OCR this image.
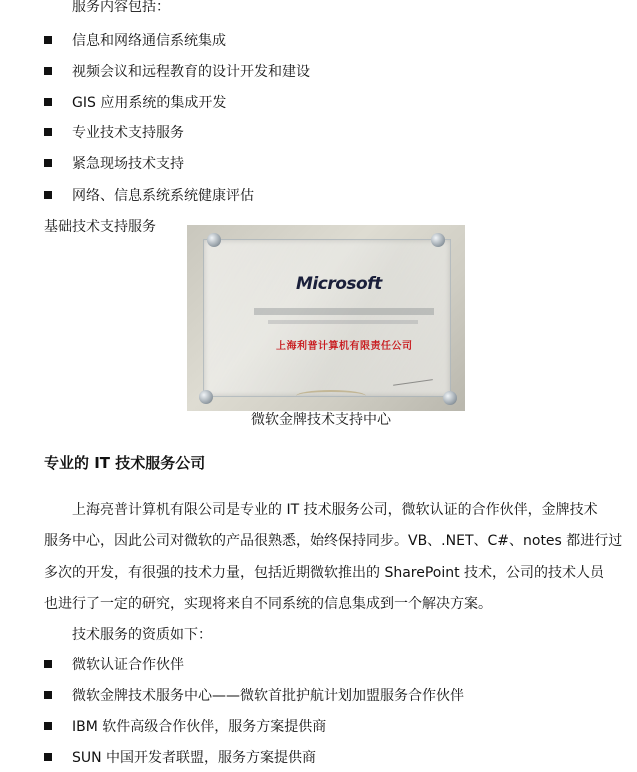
服务内容包括：
信息和网络通信系统集成
视频会议和远程教育的设计开发和建设
GIS 应用系统的集成开发
专业技术支持服务
紧急现场技术支持
网络、信息系统系统健康评估
基础技术支持服务
Microsoft
上海利普计算机有限责任公司
微软金牌技术支持中心
专业的 IT 技术服务公司
上海亮普计算机有限公司是专业的 IT 技术服务公司，微软认证的合作伙伴，金牌技术
服务中心，因此公司对微软的产品很熟悉，始终保持同步。VB、.NET、C#、notes 都进行过
多次的开发，有很强的技术力量，包括近期微软推出的 SharePoint 技术，公司的技术人员
也进行了一定的研究，实现将来自不同系统的信息集成到一个解决方案。
技术服务的资质如下：
微软认证合作伙伴
微软金牌技术服务中心——微软首批护航计划加盟服务合作伙伴
IBM 软件高级合作伙伴，服务方案提供商
SUN 中国开发者联盟，服务方案提供商
